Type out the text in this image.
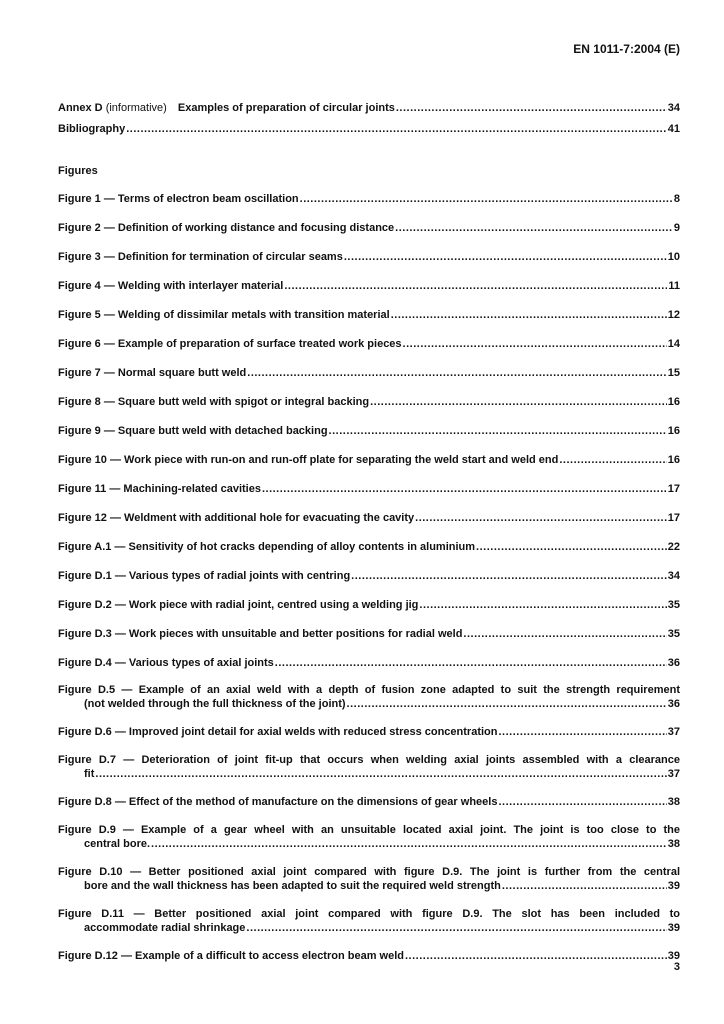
EN 1011-7:2004 (E)
Annex D (informative) Examples of preparation of circular joints .....	34
Bibliography .....	41
Figures
Figure 1 — Terms of electron beam oscillation .....	8
Figure 2 — Definition of working distance and focusing distance .....	9
Figure 3 — Definition for termination of circular seams .....	10
Figure 4 — Welding with interlayer material .....	11
Figure 5 — Welding of dissimilar metals with transition material .....	12
Figure 6 — Example of preparation of surface treated work pieces .....	14
Figure 7 — Normal square butt weld .....	15
Figure 8 — Square butt weld with spigot or integral backing .....	16
Figure 9 — Square butt weld with detached backing .....	16
Figure 10 — Work piece with run-on and run-off plate for separating the weld start and weld end .....	16
Figure 11 — Machining-related cavities .....	17
Figure 12 — Weldment with additional hole for evacuating the cavity .....	17
Figure A.1 — Sensitivity of hot cracks depending of alloy contents in aluminium .....	22
Figure D.1 — Various types of radial joints with centring .....	34
Figure D.2 — Work piece with radial joint, centred using a welding jig .....	35
Figure D.3 — Work pieces with unsuitable and better positions for radial weld .....	35
Figure D.4 — Various types of axial joints .....	36
Figure D.5 — Example of an axial weld with a depth of fusion zone adapted to suit the strength requirement
(not welded through the full thickness of the joint) .....	36
Figure D.6 — Improved joint detail for axial welds with reduced stress concentration .....	37
Figure D.7 — Deterioration of joint fit-up that occurs when welding axial joints assembled with a clearance
fit .....	37
Figure D.8 — Effect of the method of manufacture on the dimensions of gear wheels .....	38
Figure D.9 — Example of a gear wheel with an unsuitable located axial joint. The joint is too close to the
central bore. .....	38
Figure D.10 — Better positioned axial joint compared with figure D.9. The joint is further from the central
bore and the wall thickness has been adapted to suit the required weld strength .....	39
Figure D.11 — Better positioned axial joint compared with figure D.9. The slot has been included to
accommodate radial shrinkage .....	39
Figure D.12 — Example of a difficult to access electron beam weld .....	39
3
